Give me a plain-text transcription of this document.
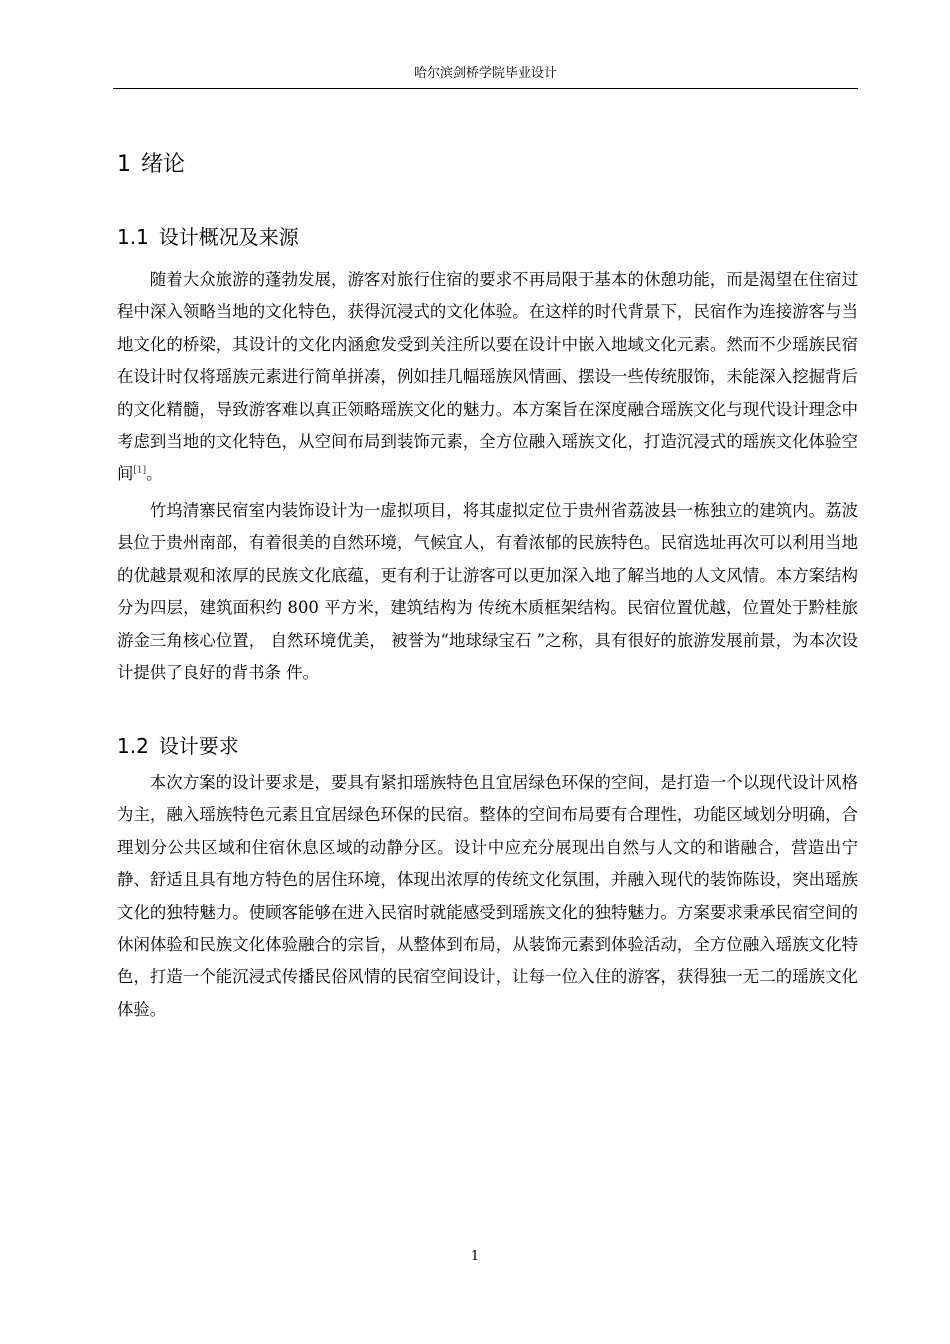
哈尔滨剑桥学院毕业设计
1 绪论
1.1 设计概况及来源

随着大众旅游的蓬勃发展，游客对旅行住宿的要求不再局限于基本的休憩功能，而是渴望在住宿过程中深入领略当地的文化特色，获得沉浸式的文化体验。在这样的时代背景下，民宿作为连接游客与当地文化的桥梁，其设计的文化内涵愈发受到关注所以要在设计中嵌入地域文化元素。然而不少瑶族民宿在设计时仅将瑶族元素进行简单拼凑，例如挂几幅瑶族风情画、摆设一些传统服饰，未能深入挖掘背后的文化精髓，导致游客难以真正领略瑶族文化的魅力。本方案旨在深度融合瑶族文化与现代设计理念中考虑到当地的文化特色，从空间布局到装饰元素，全方位融入瑶族文化，打造沉浸式的瑶族文化体验空间[1]。

竹坞清寨民宿室内装饰设计为一虚拟项目，将其虚拟定位于贵州省荔波县一栋独立的建筑内。荔波县位于贵州南部，有着很美的自然环境，气候宜人，有着浓郁的民族特色。民宿选址再次可以利用当地的优越景观和浓厚的民族文化底蕴，更有利于让游客可以更加深入地了解当地的人文风情。本方案结构分为四层，建筑面积约 800 平方米，建筑结构为 传统木质框架结构。民宿位置优越，位置处于黔桂旅游金三角核心位置， 自然环境优美， 被誉为“地球绿宝石 ”之称，具有很好的旅游发展前景，为本次设计提供了良好的背书条 件。

1.2 设计要求

本次方案的设计要求是，要具有紧扣瑶族特色且宜居绿色环保的空间，是打造一个以现代设计风格为主，融入瑶族特色元素且宜居绿色环保的民宿。整体的空间布局要有合理性，功能区域划分明确，合理划分公共区域和住宿休息区域的动静分区。设计中应充分展现出自然与人文的和谐融合，营造出宁静、舒适且具有地方特色的居住环境，体现出浓厚的传统文化氛围，并融入现代的装饰陈设，突出瑶族文化的独特魅力。使顾客能够在进入民宿时就能感受到瑶族文化的独特魅力。方案要求秉承民宿空间的休闲体验和民族文化体验融合的宗旨，从整体到布局，从装饰元素到体验活动，全方位融入瑶族文化特色，打造一个能沉浸式传播民俗风情的民宿空间设计，让每一位入住的游客，获得独一无二的瑶族文化体验。

1
